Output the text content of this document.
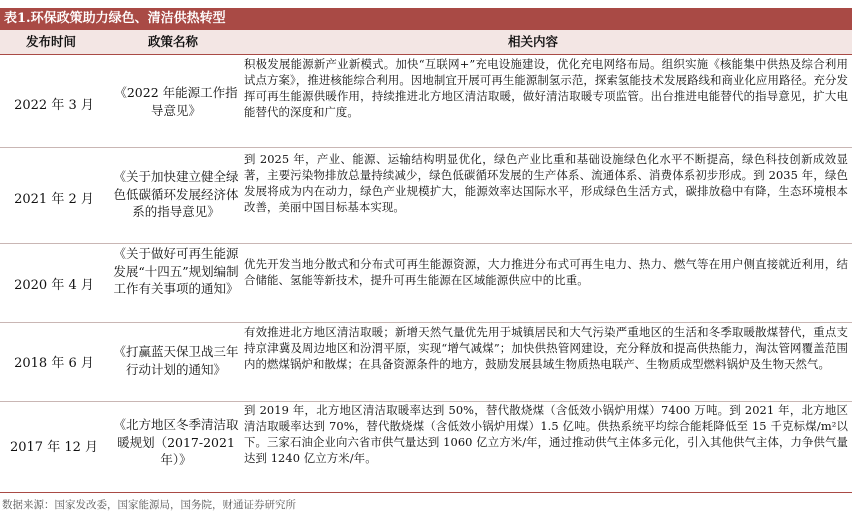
表1.环保政策助力绿色、清洁供热转型
发布时间	政策名称	相关内容
2022 年 3 月
《2022 年能源工作指导意见》
积极发展能源新产业新模式。加快“互联网+”充电设施建设，优化充电网络布局。组织实施《核能集中供热及综合利用试点方案》，推进核能综合利用。因地制宜开展可再生能源制氢示范，探索氢能技术发展路线和商业化应用路径。充分发挥可再生能源供暖作用，持续推进北方地区清洁取暖，做好清洁取暖专项监管。出台推进电能替代的指导意见，扩大电能替代的深度和广度。
2021 年 2 月
《关于加快建立健全绿色低碳循环发展经济体系的指导意见》
到 2025 年，产业、能源、运输结构明显优化，绿色产业比重和基础设施绿色化水平不断提高，绿色科技创新成效显著，主要污染物排放总量持续减少，绿色低碳循环发展的生产体系、流通体系、消费体系初步形成。到 2035 年，绿色发展将成为内在动力，绿色产业规模扩大，能源效率达国际水平，形成绿色生活方式，碳排放稳中有降，生态环境根本改善，美丽中国目标基本实现。
2020 年 4 月
《关于做好可再生能源发展“十四五”规划编制工作有关事项的通知》
优先开发当地分散式和分布式可再生能源资源，大力推进分布式可再生电力、热力、燃气等在用户侧直接就近利用，结合储能、氢能等新技术，提升可再生能源在区域能源供应中的比重。
2018 年 6 月
《打赢蓝天保卫战三年行动计划的通知》
有效推进北方地区清洁取暖；新增天然气量优先用于城镇居民和大气污染严重地区的生活和冬季取暖散煤替代，重点支持京津冀及周边地区和汾渭平原，实现“增气减煤”；加快供热管网建设，充分释放和提高供热能力，淘汰管网覆盖范围内的燃煤锅炉和散煤；在具备资源条件的地方，鼓励发展县域生物质热电联产、生物质成型燃料锅炉及生物天然气。
2017 年 12 月
《北方地区冬季清洁取暖规划（2017-2021 年）》
到 2019 年，北方地区清洁取暖率达到 50%，替代散烧煤（含低效小锅炉用煤）7400 万吨。到 2021 年，北方地区清洁取暖率达到 70%，替代散烧煤（含低效小锅炉用煤）1.5 亿吨。供热系统平均综合能耗降低至 15 千克标煤/m²以下。三家石油企业向六省市供气量达到 1060 亿立方米/年，通过推动供气主体多元化，引入其他供气主体，力争供气量达到 1240 亿立方米/年。
数据来源：国家发改委，国家能源局，国务院，财通证券研究所
